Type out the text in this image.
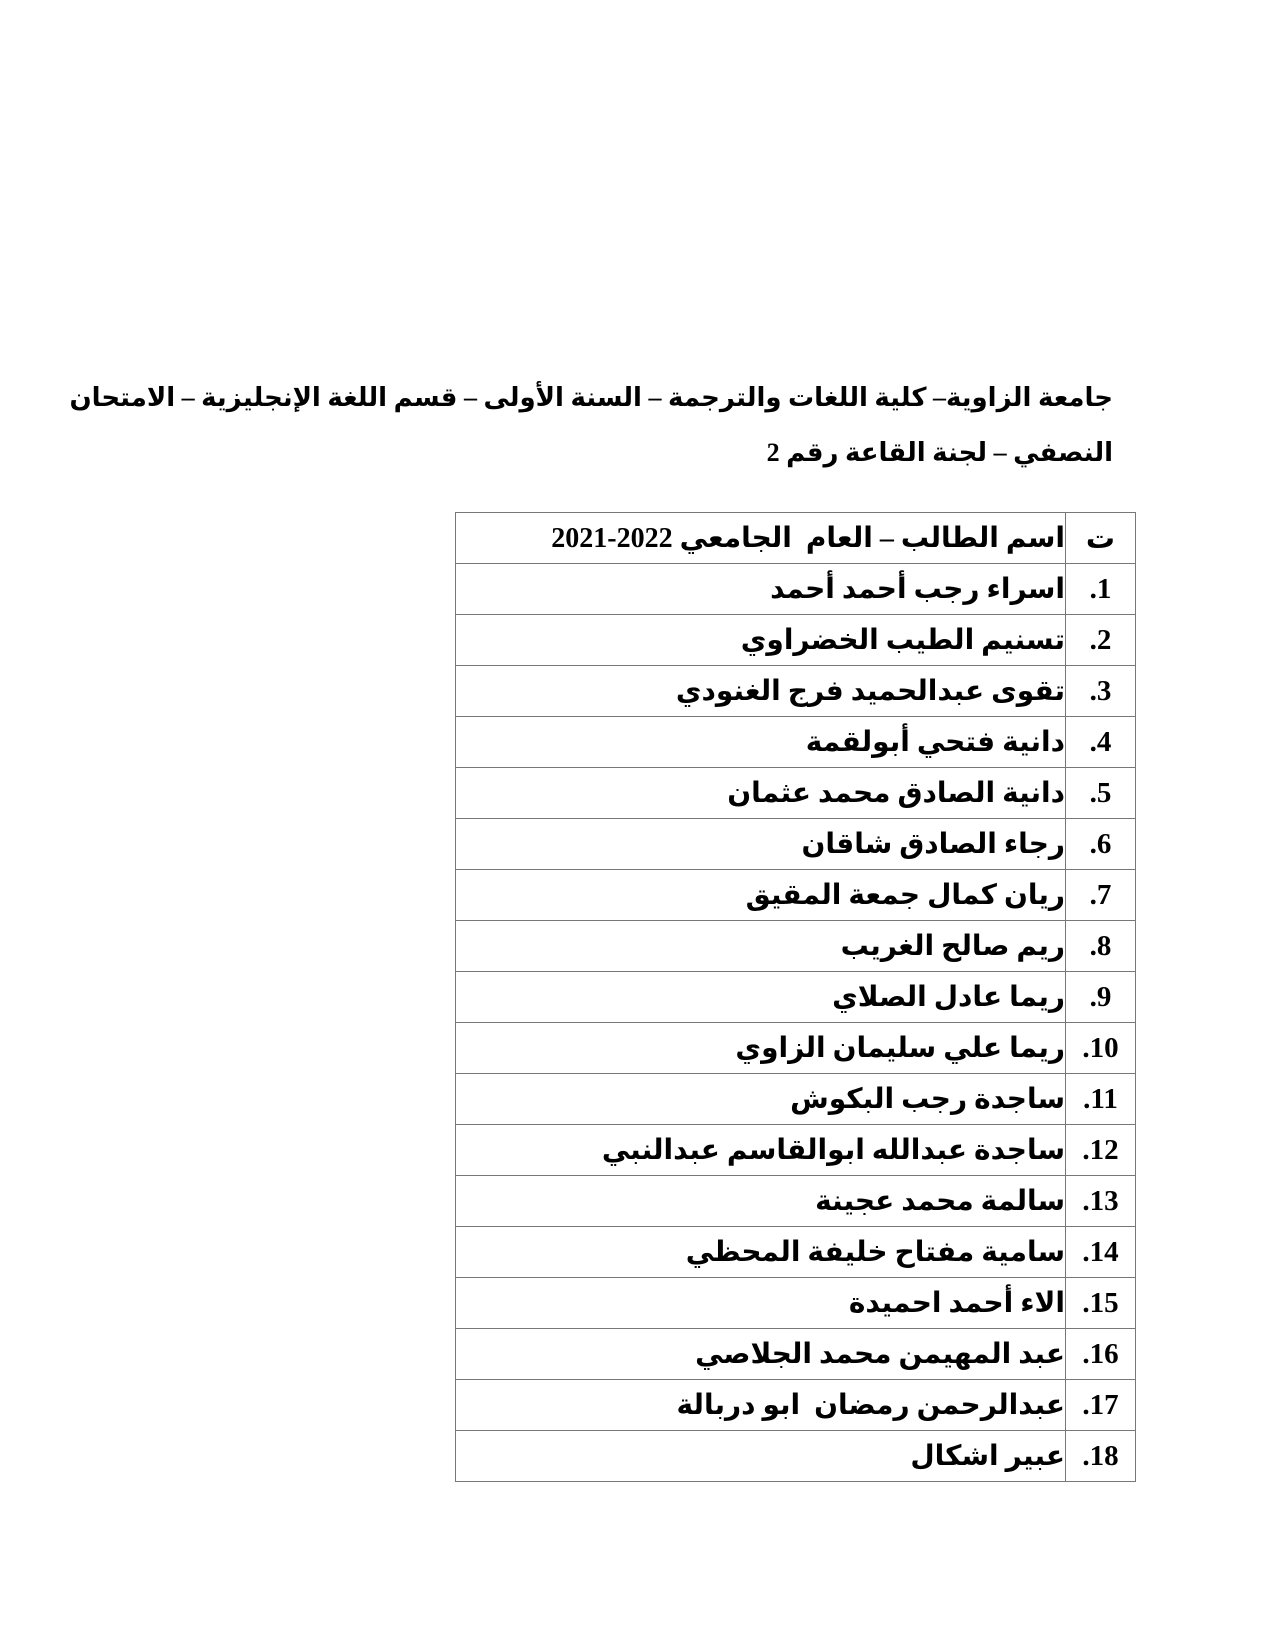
جامعة الزاوية– كلية اللغات والترجمة – السنة الأولى – قسم اللغة الإنجليزية – الامتحان
النصفي – لجنة القاعة رقم 2
ت	اسم الطالب – العام  الجامعي 2022-2021
1.	اسراء رجب أحمد أحمد
2.	تسنيم الطيب الخضراوي
3.	تقوى عبدالحميد فرج الغنودي
4.	دانية فتحي أبولقمة
5.	دانية الصادق محمد عثمان
6.	رجاء الصادق شاقان
7.	ريان كمال جمعة المقيق
8.	ريم صالح الغريب
9.	ريما عادل الصلاي
10.	ريما علي سليمان الزاوي
11.	ساجدة رجب البكوش
12.	ساجدة عبدالله ابوالقاسم عبدالنبي
13.	سالمة محمد عجينة
14.	سامية مفتاح خليفة المحظي
15.	الاء أحمد احميدة
16.	عبد المهيمن محمد الجلاصي
17.	عبدالرحمن رمضان  ابو دربالة
18.	عبير اشكال
